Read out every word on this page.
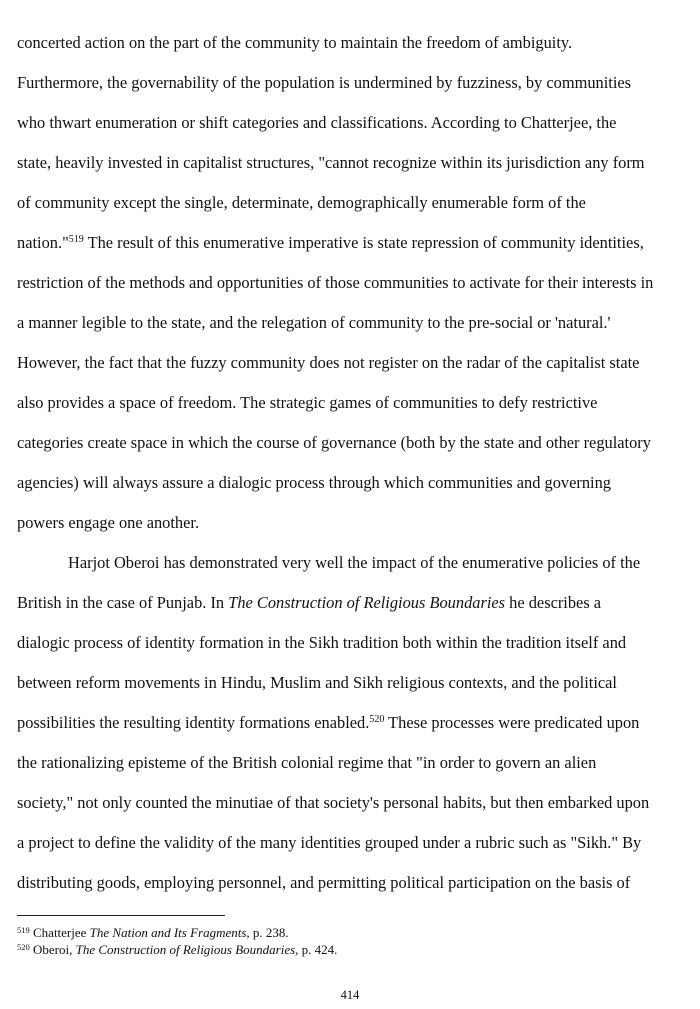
concerted action on the part of the community to maintain the freedom of ambiguity.
Furthermore, the governability of the population is undermined by fuzziness, by communities
who thwart enumeration or shift categories and classifications. According to Chatterjee, the
state, heavily invested in capitalist structures, "cannot recognize within its jurisdiction any form
of community except the single, determinate, demographically enumerable form of the
nation."$^{519}$ The result of this enumerative imperative is state repression of community identities,
restriction of the methods and opportunities of those communities to activate for their interests in
a manner legible to the state, and the relegation of community to the pre-social or 'natural.'
However, the fact that the fuzzy community does not register on the radar of the capitalist state
also provides a space of freedom. The strategic games of communities to defy restrictive
categories create space in which the course of governance (both by the state and other regulatory
agencies) will always assure a dialogic process through which communities and governing
powers engage one another.
Harjot Oberoi has demonstrated very well the impact of the enumerative policies of the
British in the case of Punjab. In The Construction of Religious Boundaries he describes a
dialogic process of identity formation in the Sikh tradition both within the tradition itself and
between reform movements in Hindu, Muslim and Sikh religious contexts, and the political
possibilities the resulting identity formations enabled.$^{520}$ These processes were predicated upon
the rationalizing episteme of the British colonial regime that "in order to govern an alien
society," not only counted the minutiae of that society's personal habits, but then embarked upon
a project to define the validity of the many identities grouped under a rubric such as "Sikh." By
distributing goods, employing personnel, and permitting political participation on the basis of
$^{519}$ Chatterjee The Nation and Its Fragments, p. 238.
$^{520}$ Oberoi, The Construction of Religious Boundaries, p. 424.
414
